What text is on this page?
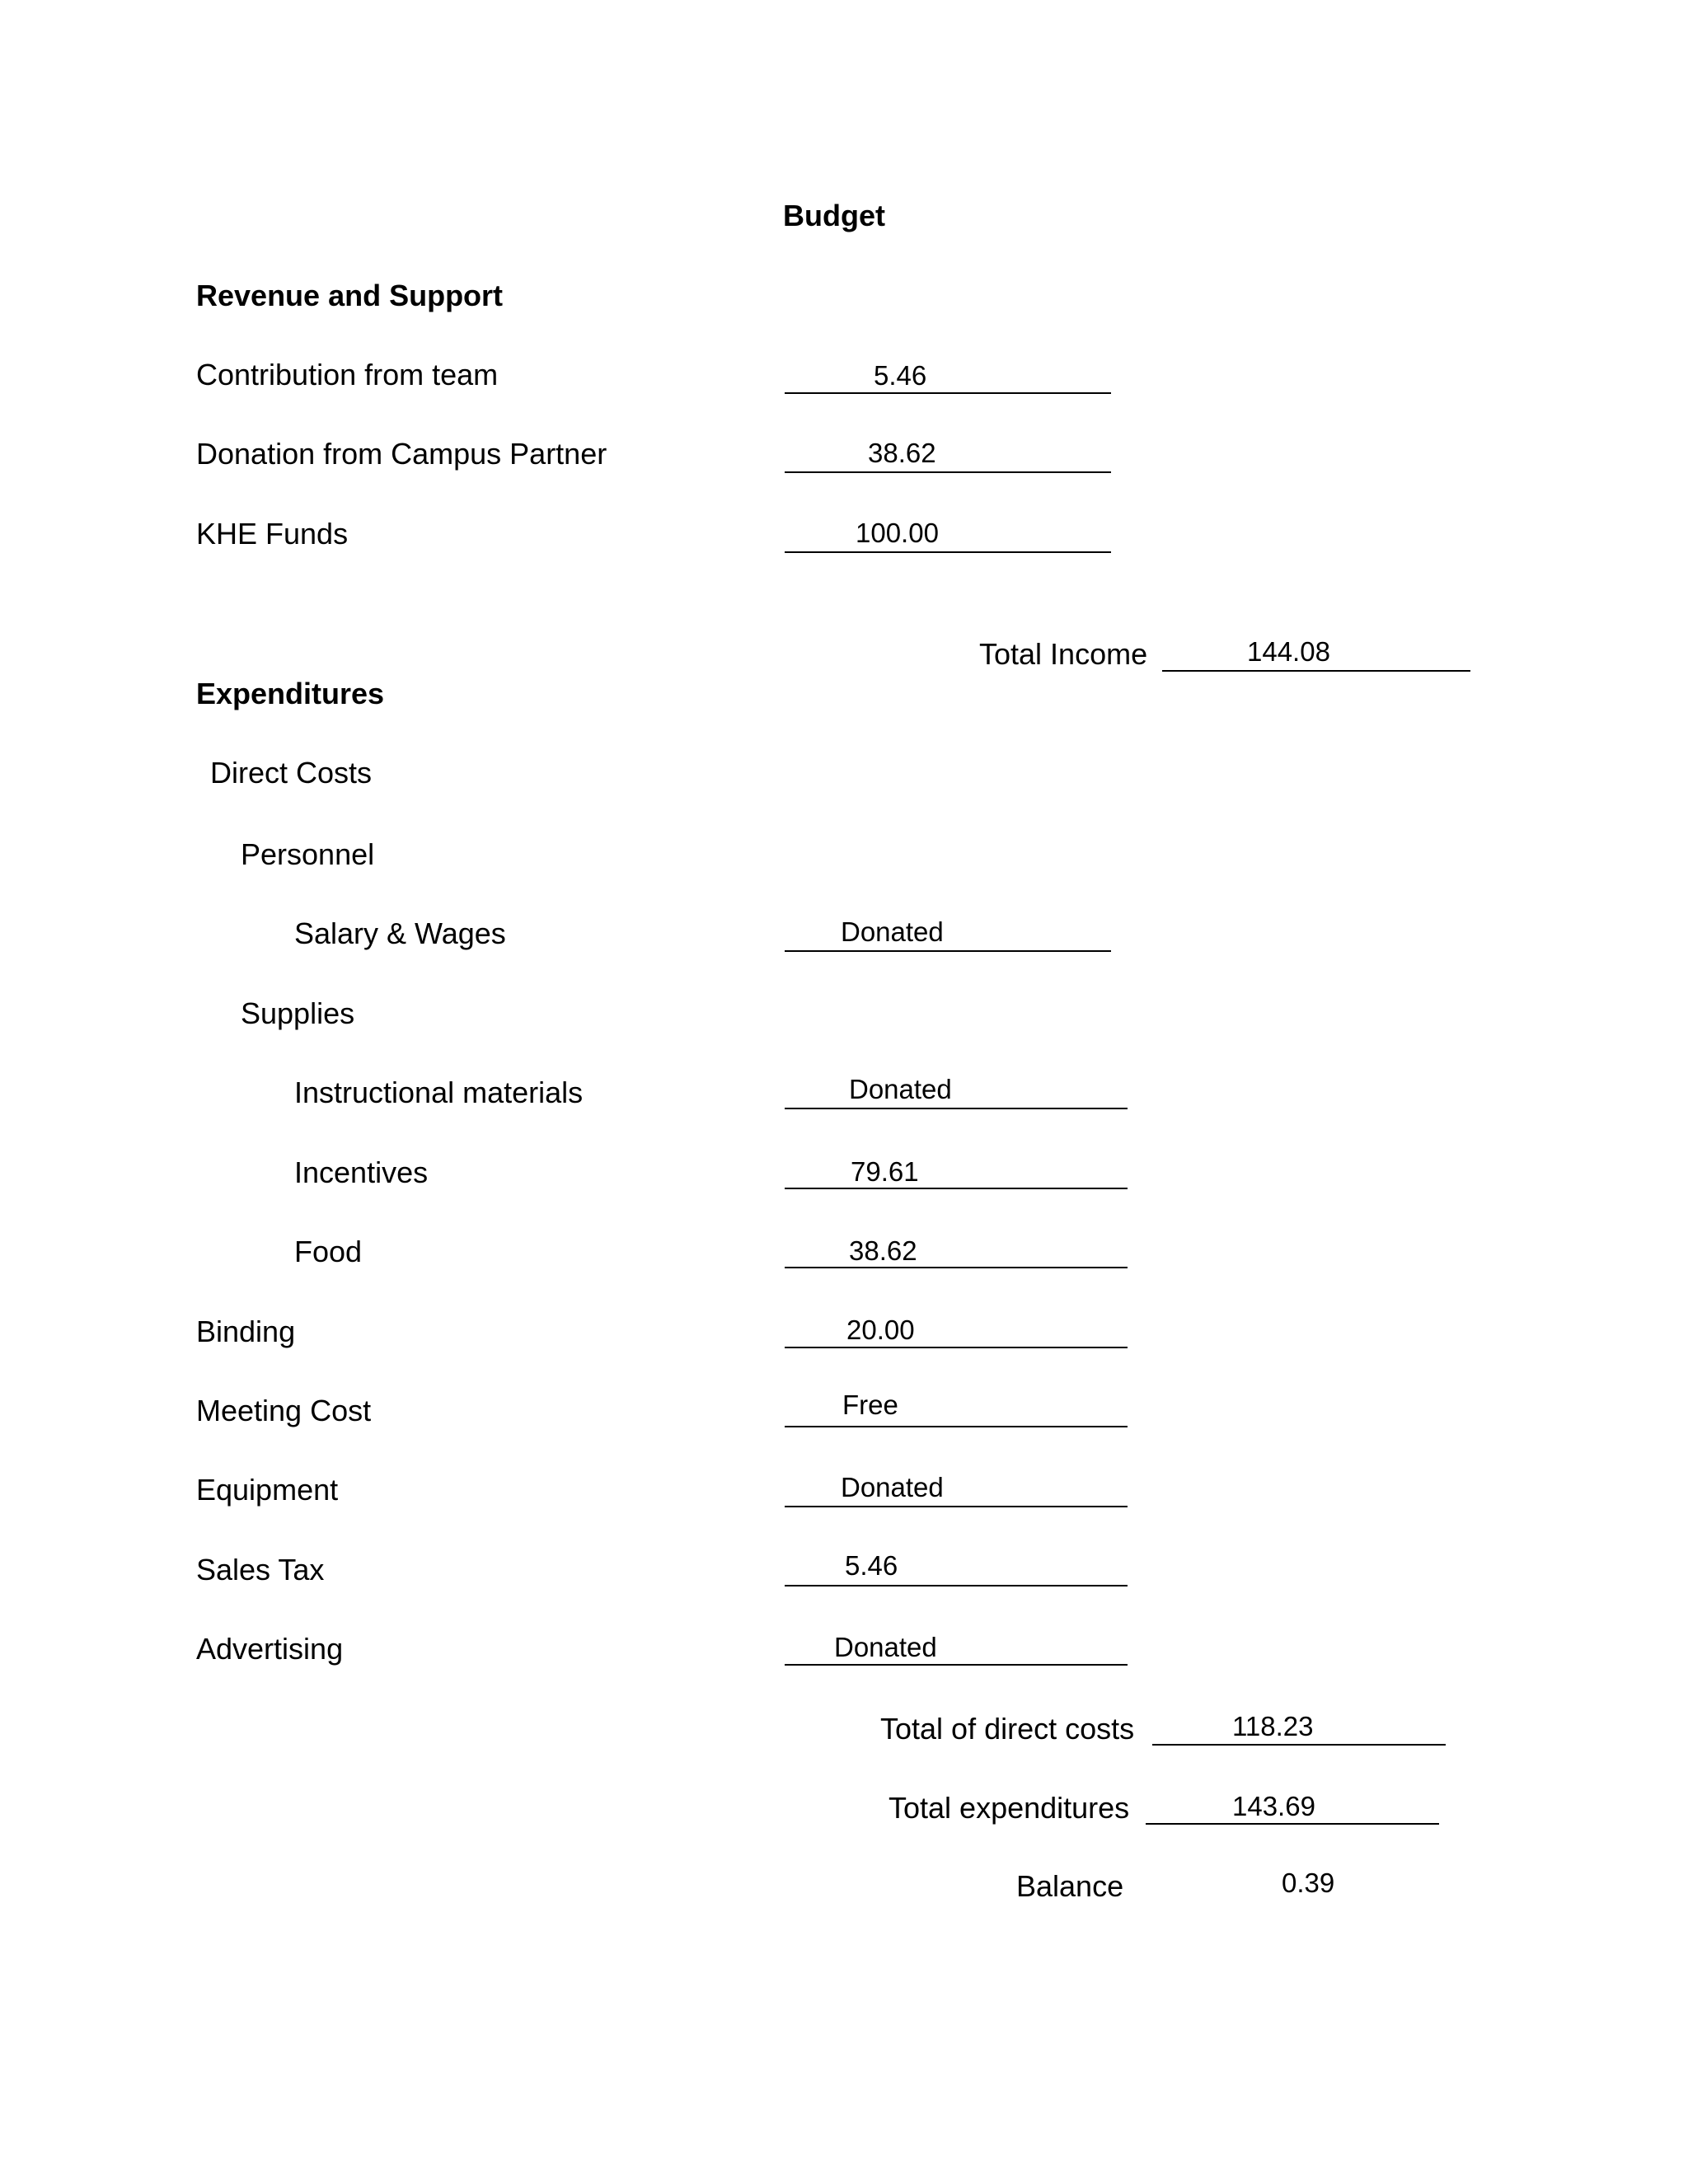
Budget
Revenue and Support
Contribution from team	5.46
Donation from Campus Partner	38.62
KHE Funds	100.00
Total Income	144.08
Expenditures
Direct Costs
Personnel
Salary & Wages	Donated
Supplies
Instructional materials	Donated
Incentives	79.61
Food	38.62
Binding	20.00
Meeting Cost	Free
Equipment	Donated
Sales Tax	5.46
Advertising	Donated
Total of direct costs	118.23
Total expenditures	143.69
Balance	0.39
